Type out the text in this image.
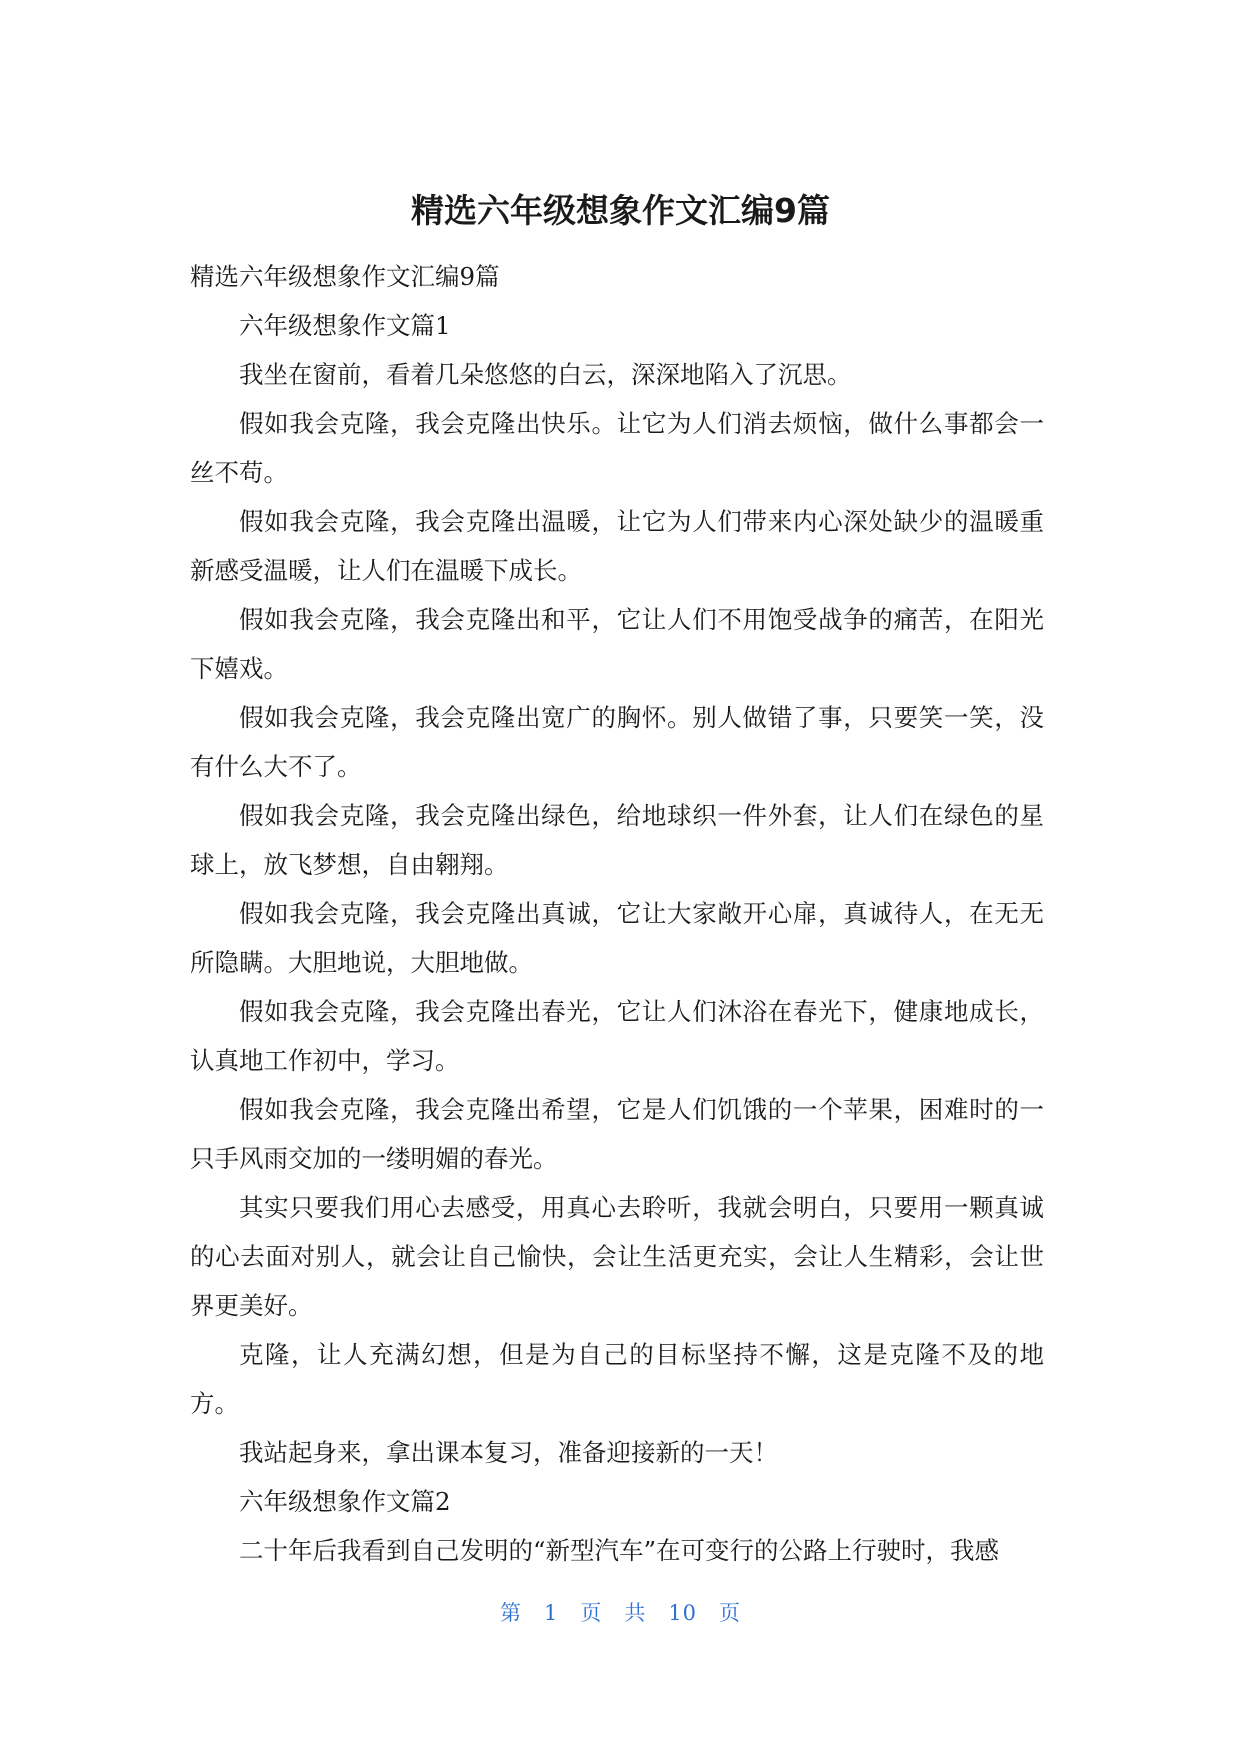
精选六年级想象作文汇编9篇

精选六年级想象作文汇编9篇

六年级想象作文篇1

我坐在窗前，看着几朵悠悠的白云，深深地陷入了沉思。

假如我会克隆，我会克隆出快乐。让它为人们消去烦恼，做什么事都会一丝不苟。

假如我会克隆，我会克隆出温暖，让它为人们带来内心深处缺少的温暖重新感受温暖，让人们在温暖下成长。

假如我会克隆，我会克隆出和平，它让人们不用饱受战争的痛苦，在阳光下嬉戏。

假如我会克隆，我会克隆出宽广的胸怀。别人做错了事，只要笑一笑，没有什么大不了。

假如我会克隆，我会克隆出绿色，给地球织一件外套，让人们在绿色的星球上，放飞梦想，自由翱翔。

假如我会克隆，我会克隆出真诚，它让大家敞开心扉，真诚待人，在无无所隐瞒。大胆地说，大胆地做。

假如我会克隆，我会克隆出春光，它让人们沐浴在春光下，健康地成长，认真地工作初中，学习。

假如我会克隆，我会克隆出希望，它是人们饥饿的一个苹果，困难时的一只手风雨交加的一缕明媚的春光。

其实只要我们用心去感受，用真心去聆听，我就会明白，只要用一颗真诚的心去面对别人，就会让自己愉快，会让生活更充实，会让人生精彩，会让世界更美好。

克隆，让人充满幻想，但是为自己的目标坚持不懈，这是克隆不及的地方。

我站起身来，拿出课本复习，准备迎接新的一天！

六年级想象作文篇2

二十年后我看到自己发明的“新型汽车”在可变行的公路上行驶时，我感

第 1 页 共 10 页
